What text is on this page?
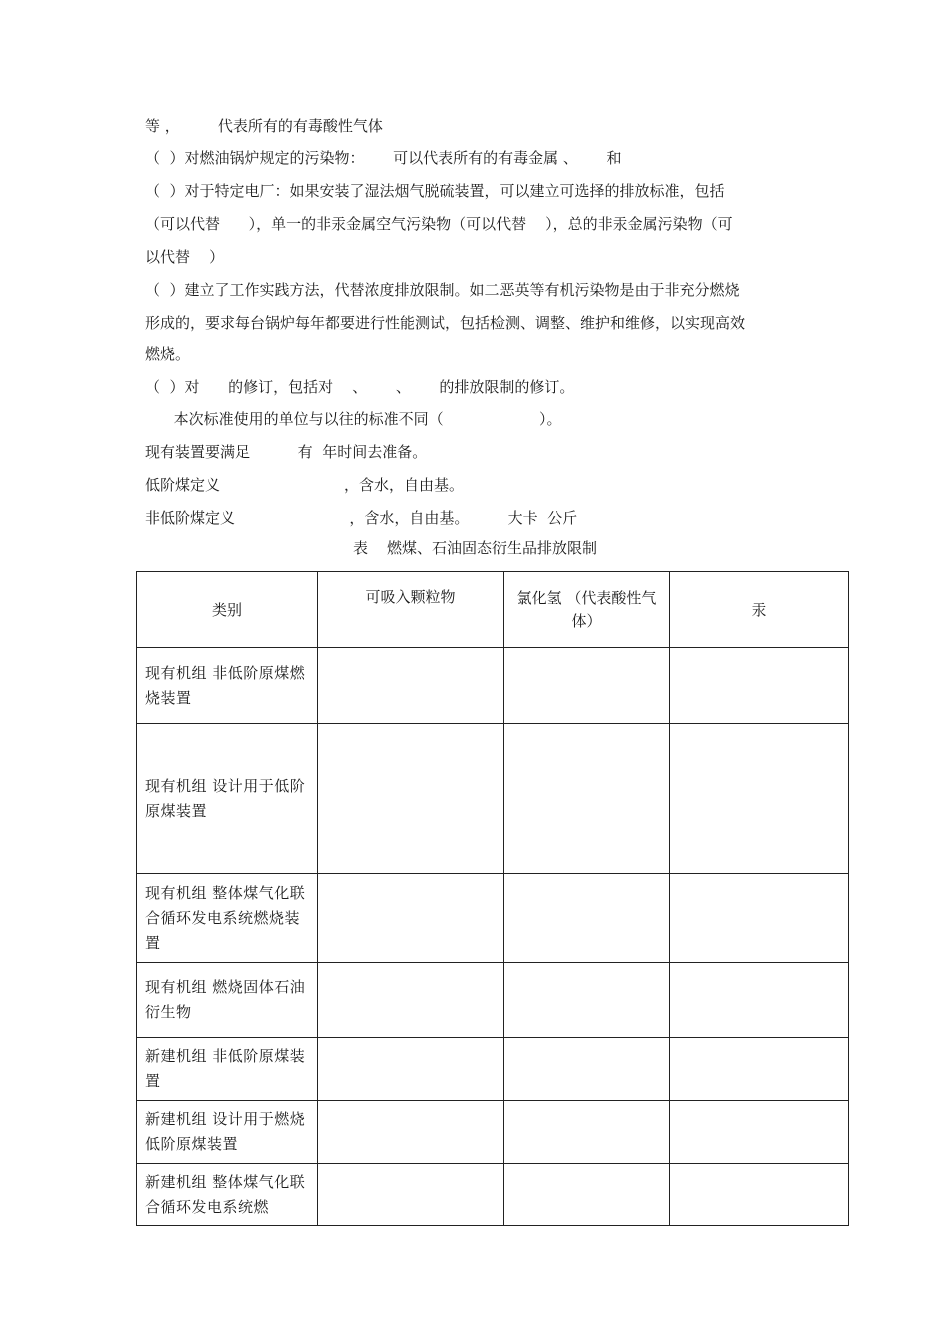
等 ，        代表所有的有毒酸性气体
（  ）对燃油锅炉规定的污染物：      可以代表所有的有毒金属 、      和
（  ）对于特定电厂：如果安装了湿法烟气脱硫装置，可以建立可选择的排放标准，包括
（可以代替      ），单一的非汞金属空气污染物（可以代替    ），总的非汞金属污染物（可
以代替    ）
（  ）建立了工作实践方法，代替浓度排放限制。如二恶英等有机污染物是由于非充分燃烧
形成的，要求每台锅炉每年都要进行性能测试，包括检测、调整、维护和维修，以实现高效
燃烧。
（  ）对      的修订，包括对    、      、      的排放限制的修订。
本次标准使用的单位与以往的标准不同（                    ）。
现有装置要满足          有  年时间去准备。
低阶煤定义                          ，含水，自由基。
非低阶煤定义                        ，含水，自由基。        大卡  公斤
表    燃煤、石油固态衍生品排放限制
类别	可吸入颗粒物	氯化氢 （代表酸性气体）	汞
现有机组 非低阶原煤燃烧装置			
现有机组 设计用于低阶原煤装置			
现有机组 整体煤气化联合循环发电系统燃烧装置			
现有机组 燃烧固体石油衍生物			
新建机组 非低阶原煤装置			
新建机组 设计用于燃烧低阶原煤装置			
新建机组 整体煤气化联合循环发电系统燃			
